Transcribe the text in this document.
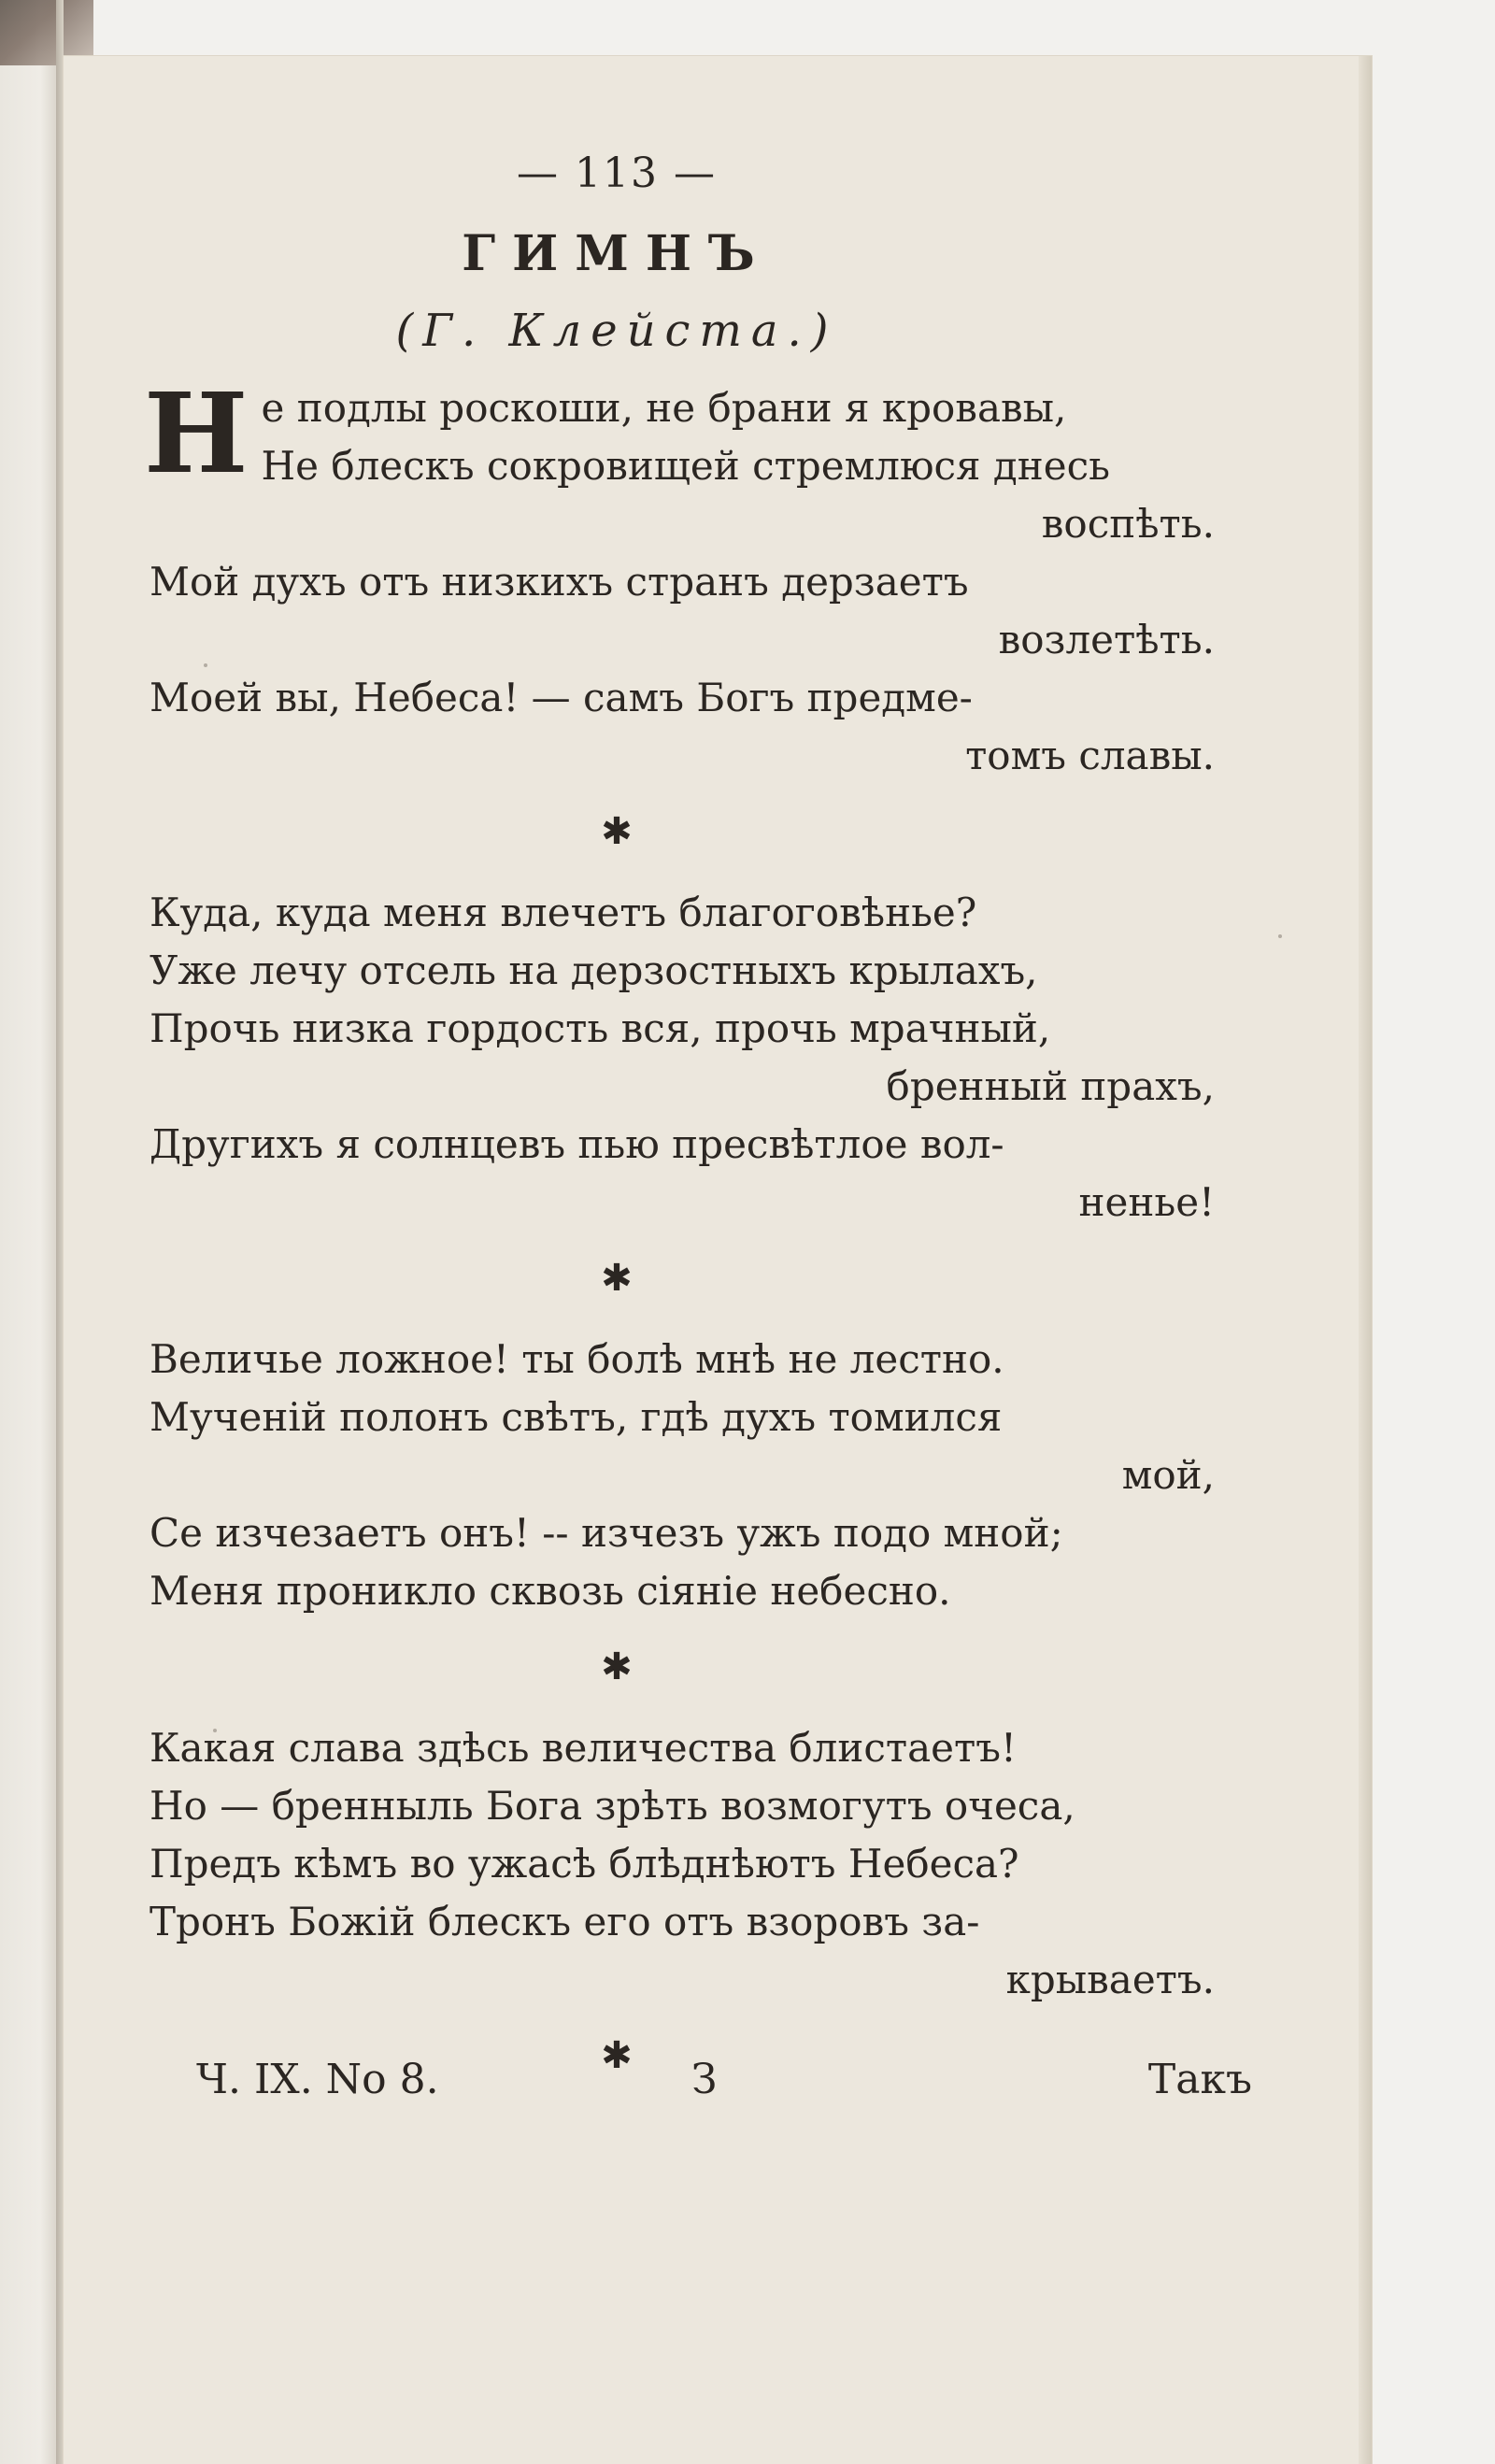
— 113 —

ГИМНЪ

(Г. Клейста.)

Не подлы роскоши, не брани я кровавы,

Не блескъ сокровищей стремлюся днесь

воспѣть.

Мой духъ отъ низкихъ странъ дерзаетъ

возлетѣть.

Моей вы, Небеса! — самъ Богъ предме-

томъ славы.

✱

Куда, куда меня влечетъ благоговѣнье?

Уже лечу отсель на дерзостныхъ крылахъ,

Прочь низка гордость вся, прочь мрачный,

бренный прахъ,

Другихъ я солнцевъ пью пресвѣтлое вол-

ненье!

✱

Величье ложное! ты болѣ мнѣ не лестно.

Мученій полонъ свѣтъ, гдѣ духъ томился

мой,

Се изчезаетъ онъ! -- изчезъ ужъ подо мной;

Меня проникло сквозь сіяніе небесно.

✱

Какая слава здѣсь величества блистаетъ!

Но — бренныль Бога зрѣть возмогутъ очеса,

Предъ кѣмъ во ужасѣ блѣднѣютъ Небеса?

Тронъ Божій блескъ его отъ взоровъ за-

крываетъ.

✱
Ч. IX. No 8.	З	Такъ
